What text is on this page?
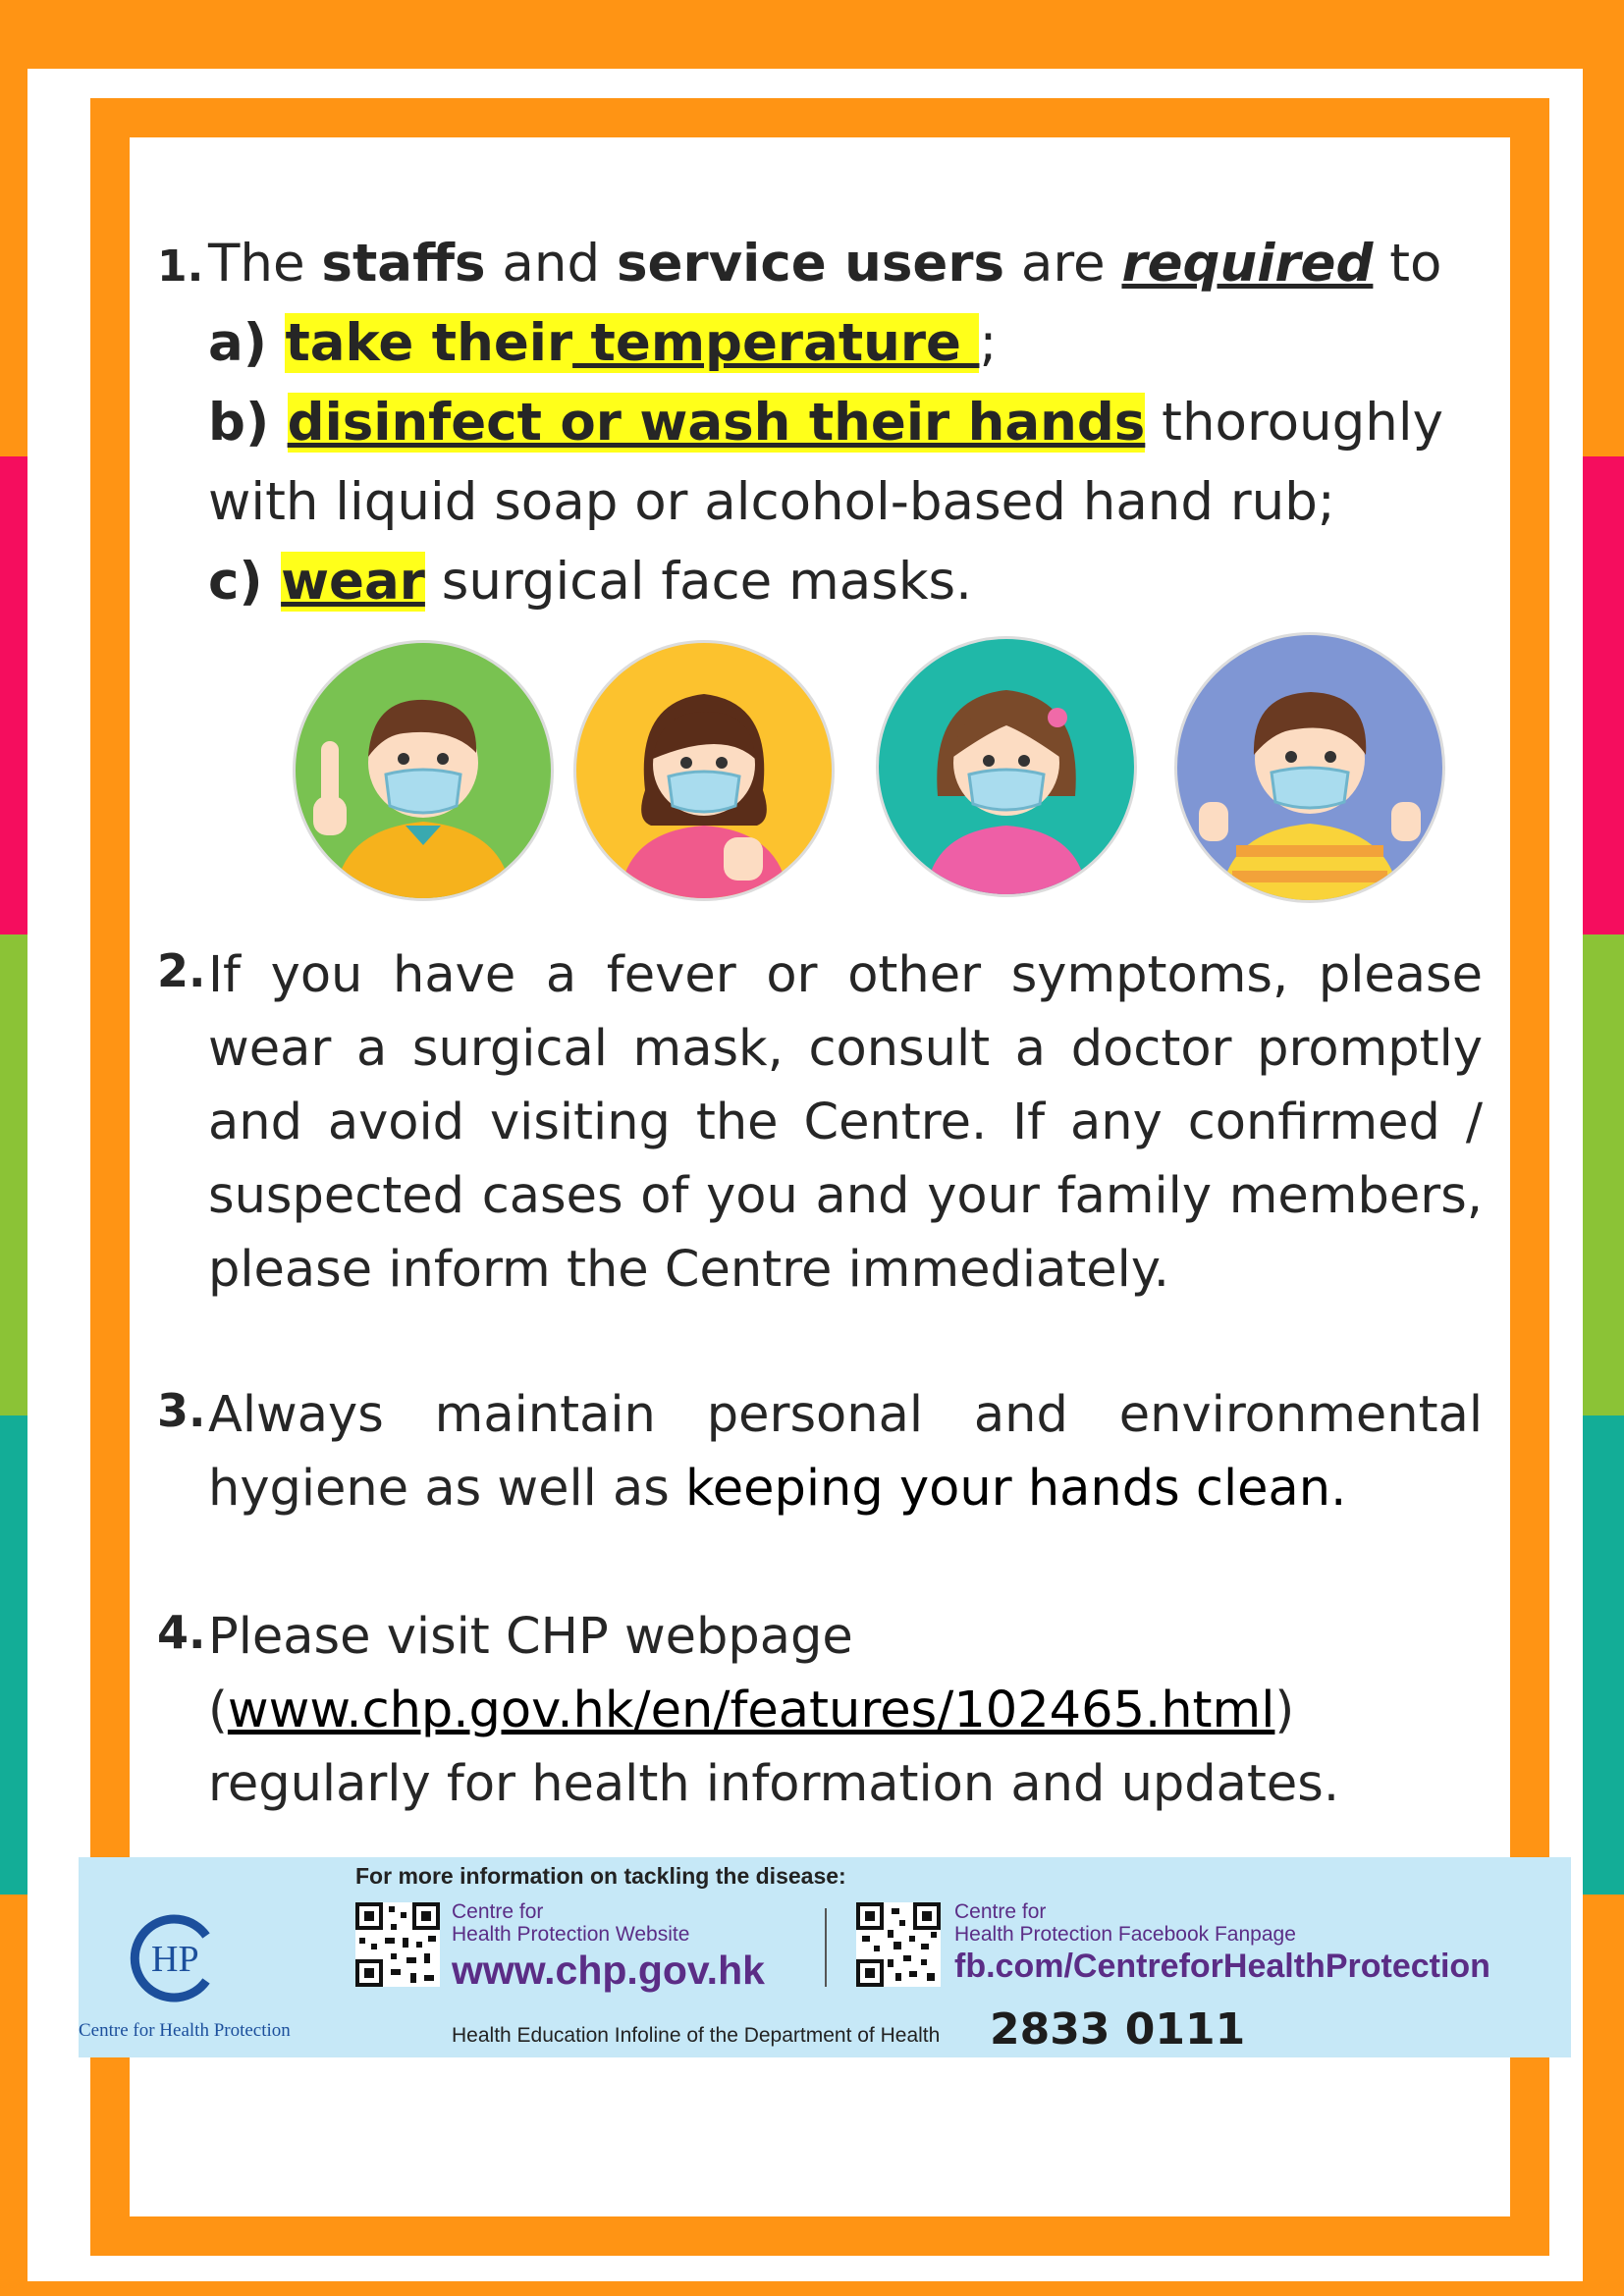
1. The staffs and service users are required to
a) take their temperature ;
b) disinfect or wash their hands thoroughly
with liquid soap or alcohol-based hand rub;
c) wear surgical face masks.
2. If you have a fever or other symptoms, please wear a surgical mask, consult a doctor promptly and avoid visiting the Centre. If any confirmed / suspected cases of you and your family members, please inform the Centre immediately.
3. Always maintain personal and environmental hygiene as well as keeping your hands clean.
4. Please visit CHP webpage
(www.chp.gov.hk/en/features/102465.html)
regularly for health information and updates.
HP
Centre for Health Protection
For more information on tackling the disease:
Centre for
Health Protection Website
www.chp.gov.hk
Centre for
Health Protection Facebook Fanpage
fb.com/CentreforHealthProtection
Health Education Infoline of the Department of Health 2833 0111
